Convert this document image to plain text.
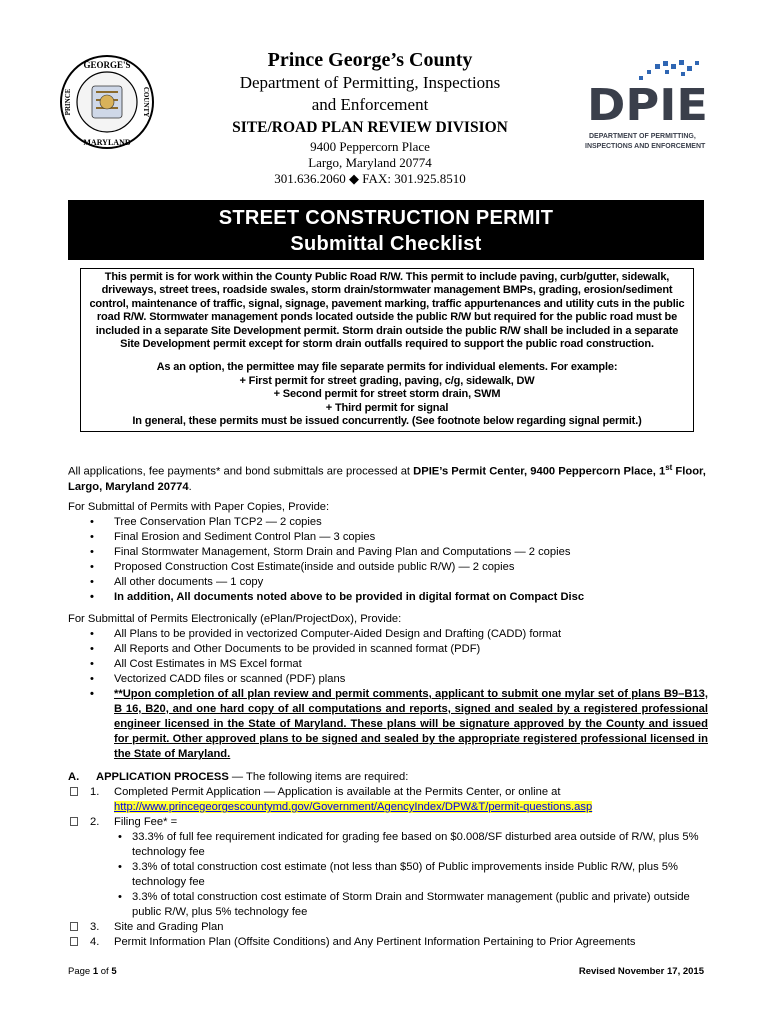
GEORGE'S
MARYLAND
PRINCE	COUNTY
Prince George’s County
Department of Permitting, Inspections
and Enforcement
SITE/ROAD PLAN REVIEW DIVISION
9400 Peppercorn Place
Largo, Maryland 20774
301.636.2060 ◆ FAX: 301.925.8510
DPIE
DEPARTMENT OF PERMITTING,
INSPECTIONS AND ENFORCEMENT
STREET CONSTRUCTION PERMIT
Submittal Checklist

This permit is for work within the County Public Road R/W. This permit to include paving, curb/gutter, sidewalk, driveways, street trees, roadside swales, storm drain/stormwater management BMPs, grading, erosion/sediment control, maintenance of traffic, signal, signage, pavement marking, traffic appurtenances and utility cuts in the public road R/W. Stormwater management ponds located outside the public R/W but required for the public road must be included in a separate Site Development permit. Storm drain outside the public R/W shall be included in a separate Site Development permit except for storm drain outfalls required to support the public road construction.

As an option, the permittee may file separate permits for individual elements. For example:

+ First permit for street grading, paving, c/g, sidewalk, DW

+ Second permit for street storm drain, SWM

+ Third permit for signal

In general, these permits must be issued concurrently. (See footnote below regarding signal permit.)

All applications, fee payments* and bond submittals are processed at DPIE’s Permit Center, 9400 Peppercorn Place, 1st Floor, Largo, Maryland 20774.

For Submittal of Permits with Paper Copies, Provide:

• Tree Conservation Plan TCP2 — 2 copies
• Final Erosion and Sediment Control Plan — 3 copies
• Final Stormwater Management, Storm Drain and Paving Plan and Computations — 2 copies
• Proposed Construction Cost Estimate(inside and outside public R/W) — 2 copies
• All other documents — 1 copy
• In addition, All documents noted above to be provided in digital format on Compact Disc

For Submittal of Permits Electronically (ePlan/ProjectDox), Provide:

• All Plans to be provided in vectorized Computer-Aided Design and Drafting (CADD) format
• All Reports and Other Documents to be provided in scanned format (PDF)
• All Cost Estimates in MS Excel format
• Vectorized CADD files or scanned (PDF) plans
• **Upon completion of all plan review and permit comments, applicant to submit one mylar set of plans B9–B13, B 16, B20, and one hard copy of all computations and reports, signed and sealed by a registered professional engineer licensed in the State of Maryland. These plans will be signature approved by the County and issued for permit. Other approved plans to be signed and sealed by the appropriate registered professional licensed in the State of Maryland.
A. APPLICATION PROCESS — The following items are required:
1.	Completed Permit Application — Application is available at the Permits Center, or online at
http://www.princegeorgescountymd.gov/Government/AgencyIndex/DPW&T/permit-questions.asp
2.	Filing Fee* =
• 33.3% of full fee requirement indicated for grading fee based on $0.008/SF disturbed area outside of R/W, plus 5% technology fee
• 3.3% of total construction cost estimate (not less than $50) of Public improvements inside Public R/W, plus 5% technology fee
• 3.3% of total construction cost estimate of Storm Drain and Stormwater management (public and private) outside public R/W, plus 5% technology fee
3.	Site and Grading Plan
4.	Permit Information Plan (Offsite Conditions) and Any Pertinent Information Pertaining to Prior Agreements
Page 1 of 5	Revised November 17, 2015
